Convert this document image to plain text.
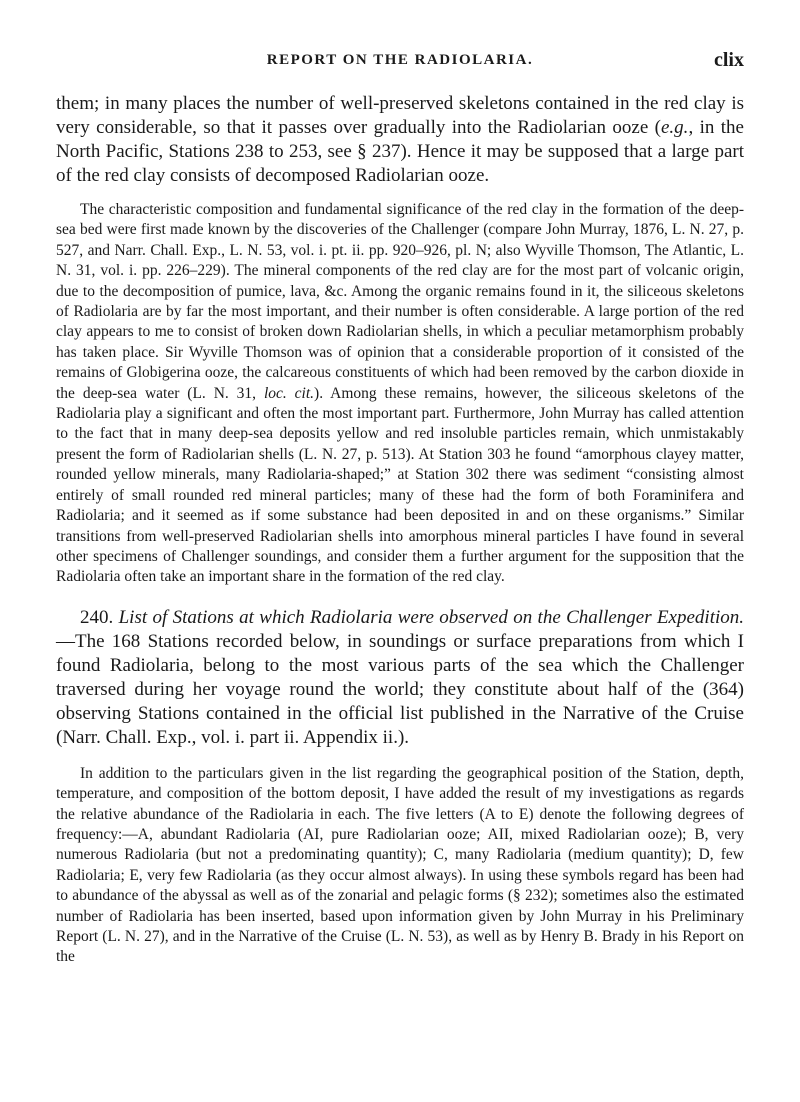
REPORT ON THE RADIOLARIA.	clix

them; in many places the number of well-preserved skeletons contained in the red clay is very considerable, so that it passes over gradually into the Radiolarian ooze (e.g., in the North Pacific, Stations 238 to 253, see § 237). Hence it may be supposed that a large part of the red clay consists of decomposed Radiolarian ooze.

The characteristic composition and fundamental significance of the red clay in the formation of the deep-sea bed were first made known by the discoveries of the Challenger (compare John Murray, 1876, L. N. 27, p. 527, and Narr. Chall. Exp., L. N. 53, vol. i. pt. ii. pp. 920–926, pl. N; also Wyville Thomson, The Atlantic, L. N. 31, vol. i. pp. 226–229). The mineral components of the red clay are for the most part of volcanic origin, due to the decomposition of pumice, lava, &c. Among the organic remains found in it, the siliceous skeletons of Radiolaria are by far the most important, and their number is often considerable. A large portion of the red clay appears to me to consist of broken down Radiolarian shells, in which a peculiar metamorphism probably has taken place. Sir Wyville Thomson was of opinion that a considerable proportion of it consisted of the remains of Globigerina ooze, the calcareous constituents of which had been removed by the carbon dioxide in the deep-sea water (L. N. 31, loc. cit.). Among these remains, however, the siliceous skeletons of the Radiolaria play a significant and often the most important part. Furthermore, John Murray has called attention to the fact that in many deep-sea deposits yellow and red insoluble particles remain, which unmistakably present the form of Radiolarian shells (L. N. 27, p. 513). At Station 303 he found “amorphous clayey matter, rounded yellow minerals, many Radiolaria-shaped;” at Station 302 there was sediment “consisting almost entirely of small rounded red mineral particles; many of these had the form of both Foraminifera and Radiolaria; and it seemed as if some substance had been deposited in and on these organisms.” Similar transitions from well-preserved Radiolarian shells into amorphous mineral particles I have found in several other specimens of Challenger soundings, and consider them a further argument for the supposition that the Radiolaria often take an important share in the formation of the red clay.

240. List of Stations at which Radiolaria were observed on the Challenger Expedition.—The 168 Stations recorded below, in soundings or surface preparations from which I found Radiolaria, belong to the most various parts of the sea which the Challenger traversed during her voyage round the world; they constitute about half of the (364) observing Stations contained in the official list published in the Narrative of the Cruise (Narr. Chall. Exp., vol. i. part ii. Appendix ii.).

In addition to the particulars given in the list regarding the geographical position of the Station, depth, temperature, and composition of the bottom deposit, I have added the result of my investigations as regards the relative abundance of the Radiolaria in each. The five letters (A to E) denote the following degrees of frequency:—A, abundant Radiolaria (AI, pure Radiolarian ooze; AII, mixed Radiolarian ooze); B, very numerous Radiolaria (but not a predominating quantity); C, many Radiolaria (medium quantity); D, few Radiolaria; E, very few Radiolaria (as they occur almost always). In using these symbols regard has been had to abundance of the abyssal as well as of the zonarial and pelagic forms (§ 232); sometimes also the estimated number of Radiolaria has been inserted, based upon information given by John Murray in his Preliminary Report (L. N. 27), and in the Narrative of the Cruise (L. N. 53), as well as by Henry B. Brady in his Report on the
